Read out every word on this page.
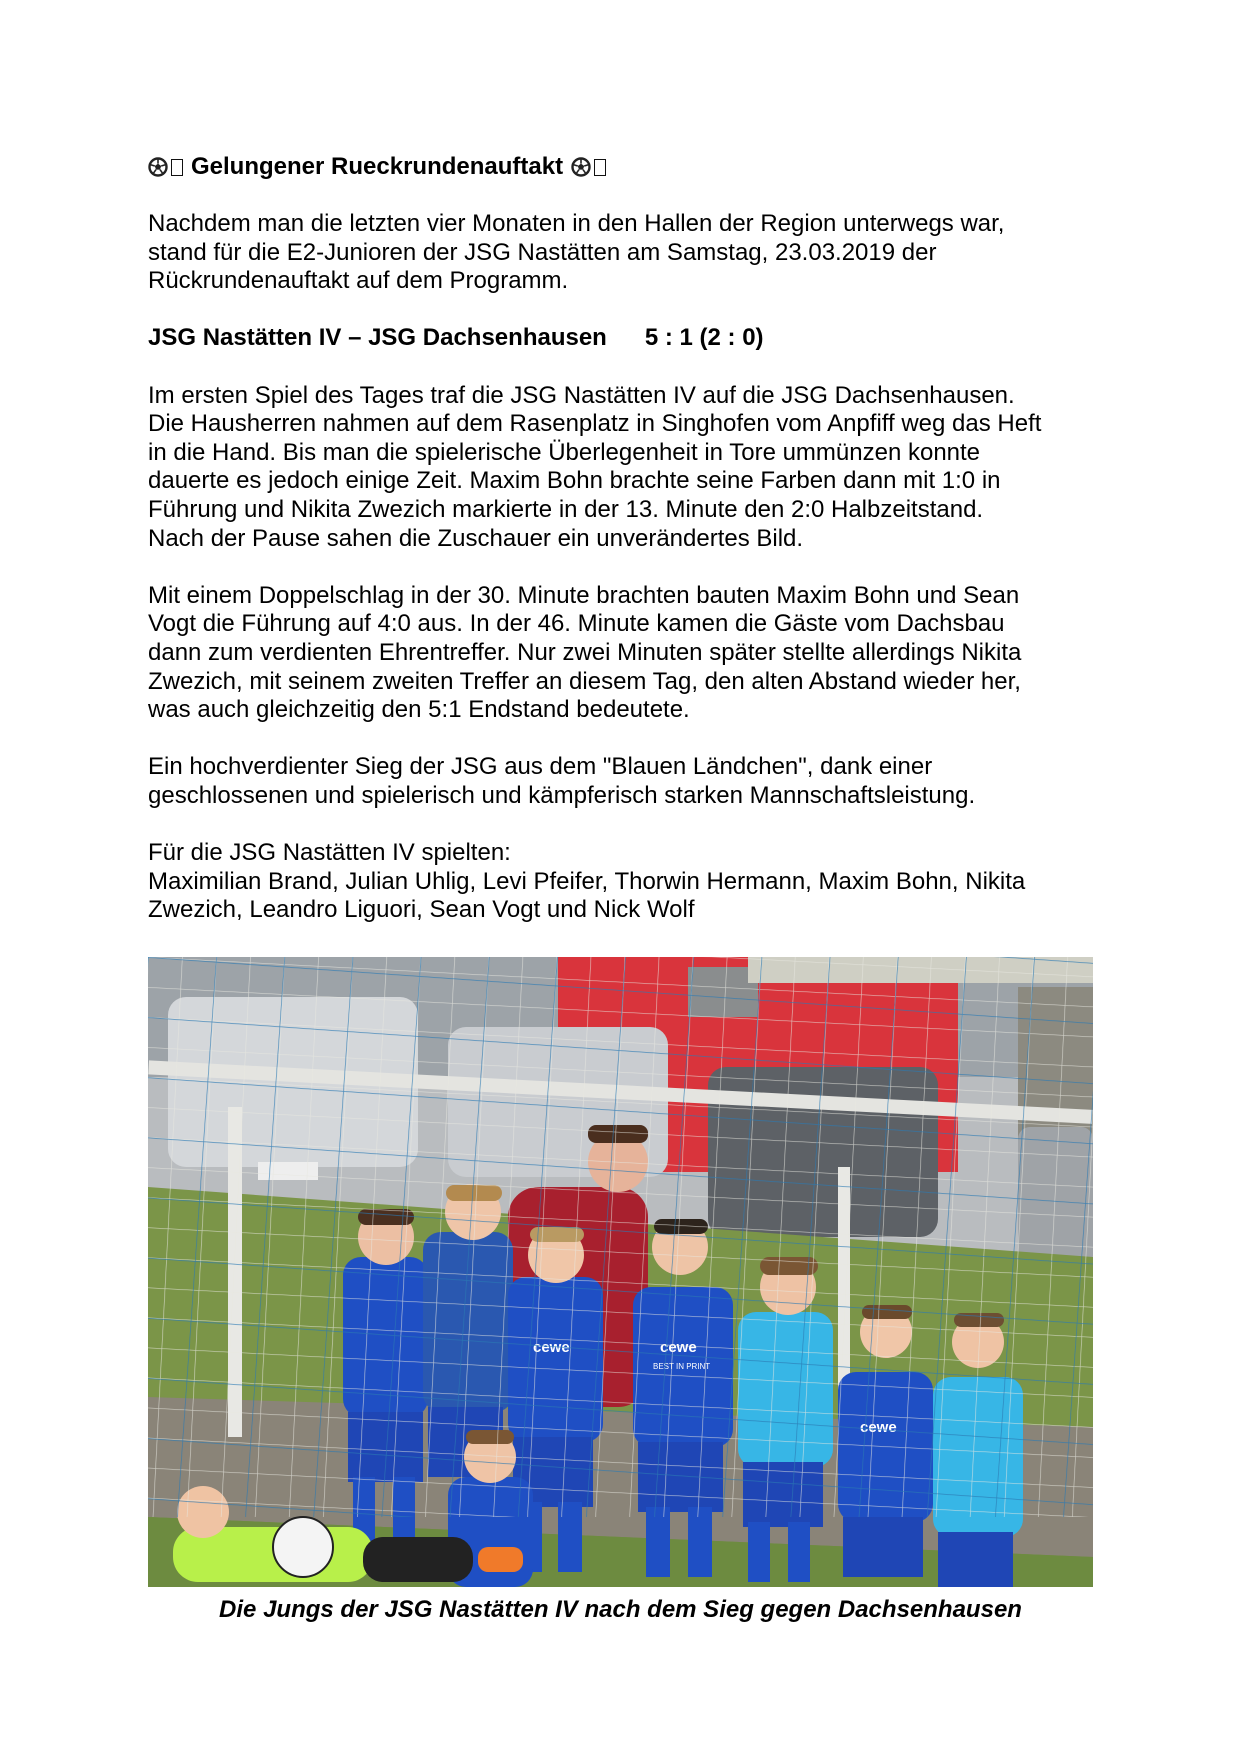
Gelungener Rueckrundenauftakt

Nachdem man die letzten vier Monaten in den Hallen der Region unterwegs war,
stand für die E2-Junioren der JSG Nastätten am Samstag, 23.03.2019 der
Rückrundenauftakt auf dem Programm.

JSG Nastätten IV – JSG Dachsenhausen 5 : 1 (2 : 0)

Im ersten Spiel des Tages traf die JSG Nastätten IV auf die JSG Dachsenhausen.
Die Hausherren nahmen auf dem Rasenplatz in Singhofen vom Anpfiff weg das Heft
in die Hand. Bis man die spielerische Überlegenheit in Tore ummünzen konnte
dauerte es jedoch einige Zeit. Maxim Bohn brachte seine Farben dann mit 1:0 in
Führung und Nikita Zwezich markierte in der 13. Minute den 2:0 Halbzeitstand.
Nach der Pause sahen die Zuschauer ein unverändertes Bild.

Mit einem Doppelschlag in der 30. Minute brachten bauten Maxim Bohn und Sean
Vogt die Führung auf 4:0 aus. In der 46. Minute kamen die Gäste vom Dachsbau
dann zum verdienten Ehrentreffer. Nur zwei Minuten später stellte allerdings Nikita
Zwezich, mit seinem zweiten Treffer an diesem Tag, den alten Abstand wieder her,
was auch gleichzeitig den 5:1 Endstand bedeutete.

Ein hochverdienter Sieg der JSG aus dem "Blauen Ländchen", dank einer
geschlossenen und spielerisch und kämpferisch starken Mannschaftsleistung.

Für die JSG Nastätten IV spielten:
Maximilian Brand, Julian Uhlig, Levi Pfeifer, Thorwin Hermann, Maxim Bohn, Nikita
Zwezich, Leandro Liguori, Sean Vogt und Nick Wolf

Die Jungs der JSG Nastätten IV nach dem Sieg gegen Dachsenhausen
